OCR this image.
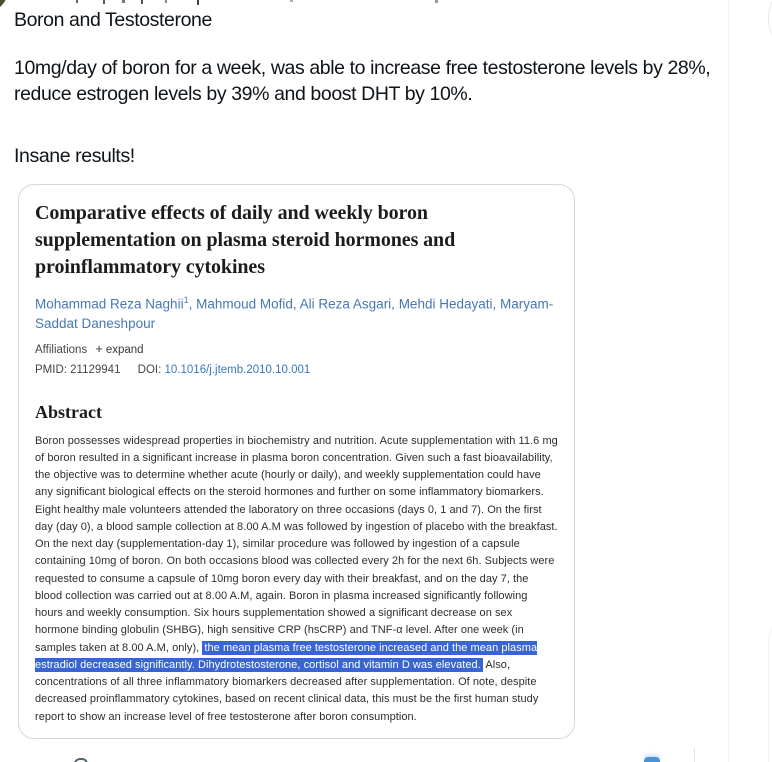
Boron and Testosterone

10mg/day of boron for a week, was able to increase free testosterone levels by 28%, reduce estrogen levels by 39% and boost DHT by 10%.

Insane results!

Comparative effects of daily and weekly boron supplementation on plasma steroid hormones and proinflammatory cytokines

Mohammad Reza Naghii$^1$, Mahmoud Mofid, Ali Reza Asgari, Mehdi Hedayati, Maryam-Saddat Daneshpour

Affiliations + expand
PMID: 21129941 DOI: 10.1016/j.jtemb.2010.10.001
Abstract

Boron possesses widespread properties in biochemistry and nutrition. Acute supplementation with 11.6 mg of boron resulted in a significant increase in plasma boron concentration. Given such a fast bioavailability, the objective was to determine whether acute (hourly or daily), and weekly supplementation could have any significant biological effects on the steroid hormones and further on some inflammatory biomarkers. Eight healthy male volunteers attended the laboratory on three occasions (days 0, 1 and 7). On the first day (day 0), a blood sample collection at 8.00 A.M was followed by ingestion of placebo with the breakfast. On the next day (supplementation-day 1), similar procedure was followed by ingestion of a capsule containing 10mg of boron. On both occasions blood was collected every 2h for the next 6h. Subjects were requested to consume a capsule of 10mg boron every day with their breakfast, and on the day 7, the blood collection was carried out at 8.00 A.M, again. Boron in plasma increased significantly following hours and weekly consumption. Six hours supplementation showed a significant decrease on sex hormone binding globulin (SHBG), high sensitive CRP (hsCRP) and TNF-α level. After one week (in samples taken at 8.00 A.M, only), the mean plasma free testosterone increased and the mean plasma estradiol decreased significantly. Dihydrotestosterone, cortisol and vitamin D was elevated. Also, concentrations of all three inflammatory biomarkers decreased after supplementation. Of note, despite decreased proinflammatory cytokines, based on recent clinical data, this must be the first human study report to show an increase level of free testosterone after boron consumption.
